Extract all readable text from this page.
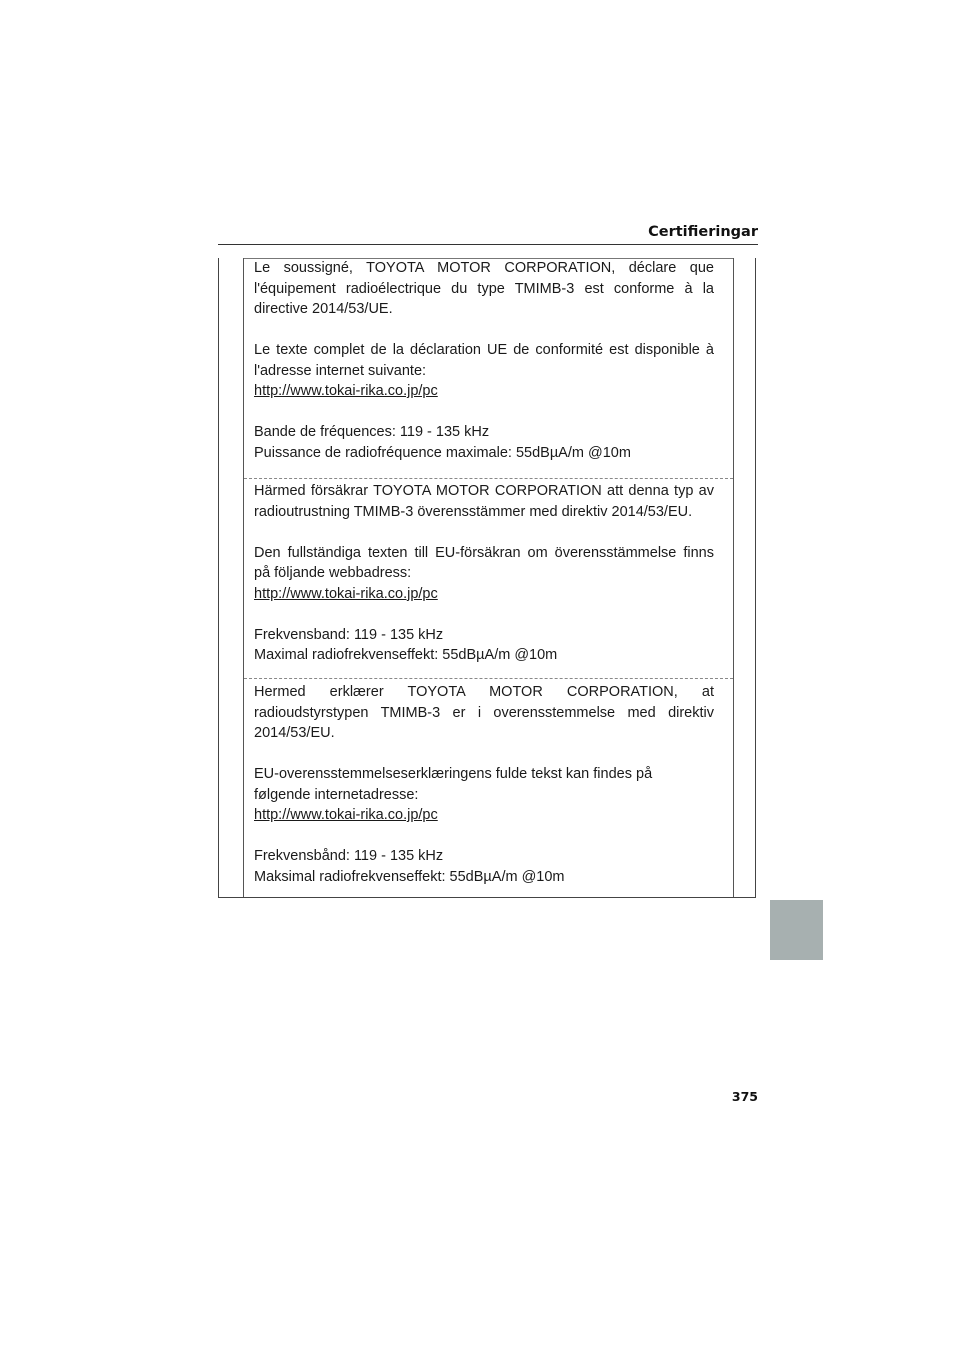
Certifieringar

Le soussigné, TOYOTA MOTOR CORPORATION, déclare que

l'équipement radioélectrique du type TMIMB-3 est conforme à la

directive 2014/53/UE.

Le texte complet de la déclaration UE de conformité est disponible à

l'adresse internet suivante:

http://www.tokai-rika.co.jp/pc

Bande de fréquences: 119 - 135 kHz

Puissance de radiofréquence maximale: 55dBµA/m @10m

Härmed försäkrar TOYOTA MOTOR CORPORATION att denna typ av

radioutrustning TMIMB-3 överensstämmer med direktiv 2014/53/EU.

Den fullständiga texten till EU-försäkran om överensstämmelse finns

på följande webbadress:

http://www.tokai-rika.co.jp/pc

Frekvensband: 119 - 135 kHz

Maximal radiofrekvenseffekt: 55dBµA/m @10m

Hermed erklærer TOYOTA MOTOR CORPORATION, at

radioudstyrstypen TMIMB-3 er i overensstemmelse med direktiv

2014/53/EU.

EU-overensstemmelseserklæringens fulde tekst kan findes på

følgende internetadresse:

http://www.tokai-rika.co.jp/pc

Frekvensbånd: 119 - 135 kHz

Maksimal radiofrekvenseffekt: 55dBµA/m @10m

375
